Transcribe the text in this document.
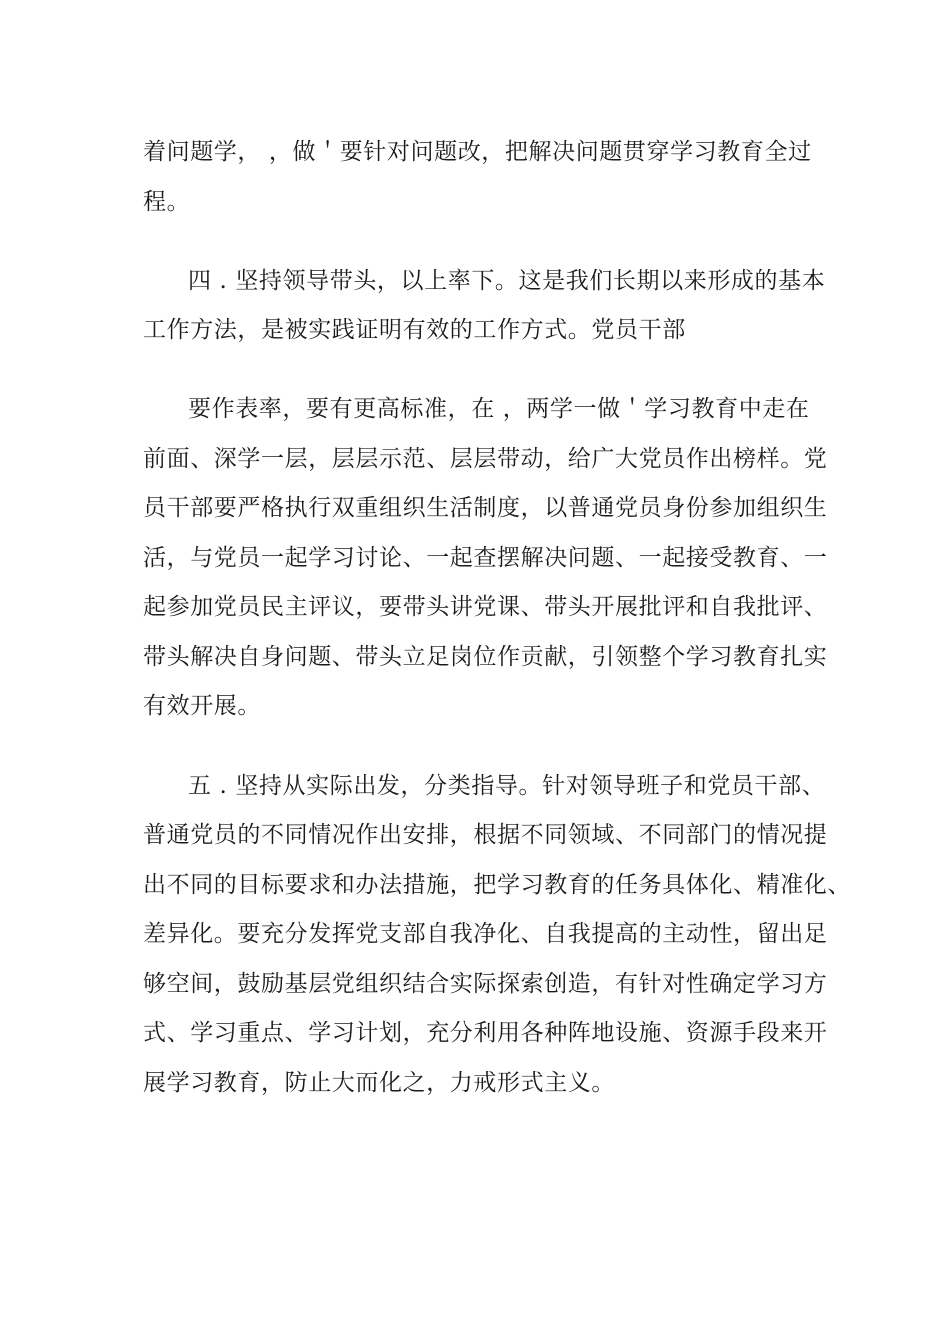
着问题学， ，做＇要针对问题改，把解决问题贯穿学习教育全过
程。
四 . 坚持领导带头，以上率下。这是我们长期以来形成的基本
工作方法，是被实践证明有效的工作方式。党员干部
要作表率，要有更高标准，在 ，两学一做＇学习教育中走在
前面、深学一层，层层示范、层层带动，给广大党员作出榜样。党
员干部要严格执行双重组织生活制度，以普通党员身份参加组织生
活，与党员一起学习讨论、一起查摆解决问题、一起接受教育、一
起参加党员民主评议，要带头讲党课、带头开展批评和自我批评、
带头解决自身问题、带头立足岗位作贡献，引领整个学习教育扎实
有效开展。
五 . 坚持从实际出发，分类指导。针对领导班子和党员干部、
普通党员的不同情况作出安排，根据不同领域、不同部门的情况提
出不同的目标要求和办法措施，把学习教育的任务具体化、精准化、
差异化。要充分发挥党支部自我净化、自我提高的主动性，留出足
够空间，鼓励基层党组织结合实际探索创造，有针对性确定学习方
式、学习重点、学习计划，充分利用各种阵地设施、资源手段来开
展学习教育，防止大而化之，力戒形式主义。
